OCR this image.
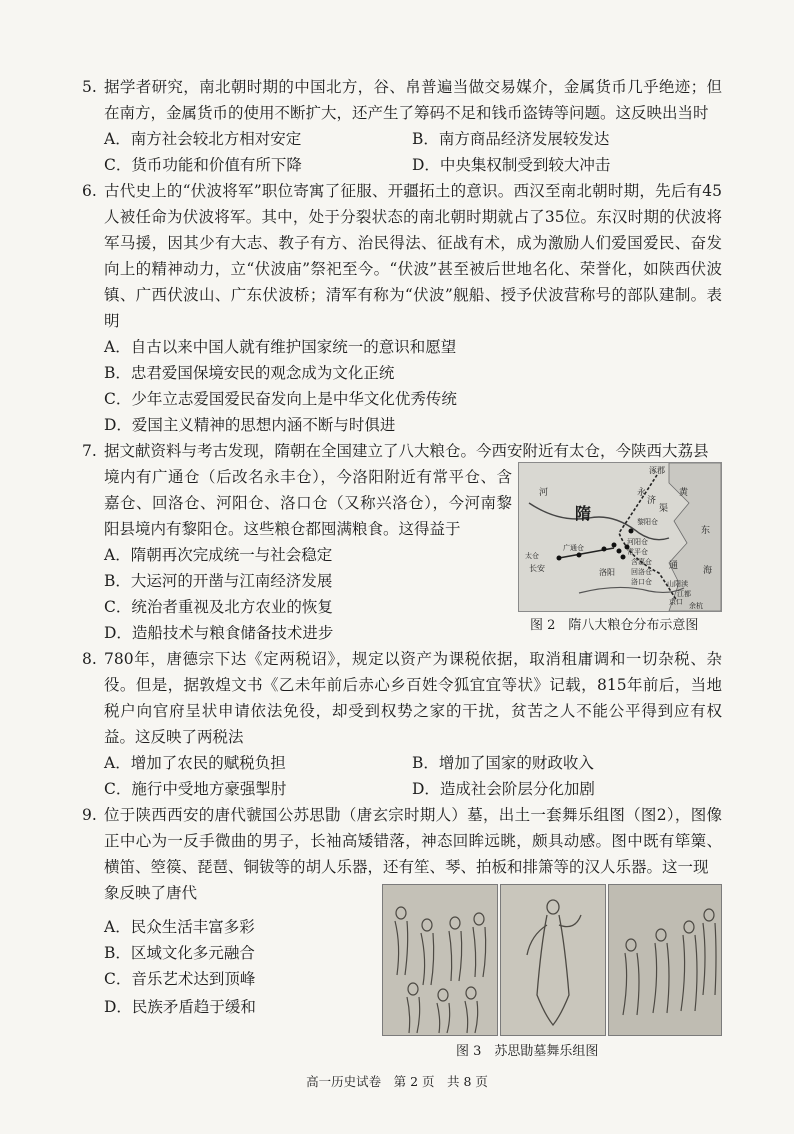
5. 据学者研究，南北朝时期的中国北方，谷、帛普遍当做交易媒介，金属货币几乎绝迹；但在南方，金属货币的使用不断扩大，还产生了筹码不足和钱币盗铸等问题。这反映出当时
A．南方社会较北方相对安定	B．南方商品经济发展较发达
C．货币功能和价值有所下降	D．中央集权制受到较大冲击
6. 古代史上的“伏波将军”职位寄寓了征服、开疆拓土的意识。西汉至南北朝时期，先后有45人被任命为伏波将军。其中，处于分裂状态的南北朝时期就占了35位。东汉时期的伏波将军马援，因其少有大志、教子有方、治民得法、征战有术，成为激励人们爱国爱民、奋发向上的精神动力，立“伏波庙”祭祀至今。“伏波”甚至被后世地名化、荣誉化，如陕西伏波镇、广西伏波山、广东伏波桥；清军有称为“伏波”舰船、授予伏波营称号的部队建制。表明
A．自古以来中国人就有维护国家统一的意识和愿望
B．忠君爱国保境安民的观念成为文化正统
C．少年立志爱国爱民奋发向上是中华文化优秀传统
D．爱国主义精神的思想内涵不断与时俱进
7. 据文献资料与考古发现，隋朝在全国建立了八大粮仓。今西安附近有太仓，今陕西大荔县
境内有广通仓（后改名永丰仓），今洛阳附近有常平仓、含嘉仓、回洛仓、河阳仓、洛口仓（又称兴洛仓），今河南黎阳县境内有黎阳仓。这些粮仓都囤满粮食。这得益于
A．隋朝再次完成统一与社会稳定
B．大运河的开凿与江南经济发展
C．统治者重视及北方农业的恢复
D．造船技术与粮食储备技术进步
隋
涿郡
永
济
渠
黄
河
通
东
海
太仓
广通仓
长安	洛阳
黎阳仓
河阳仓
常平仓
含嘉仓
回洛仓
洛口仓 山阳渎
江都
京口 余杭
图 2　隋八大粮仓分布示意图
8. 780年，唐德宗下达《定两税诏》，规定以资产为课税依据，取消租庸调和一切杂税、杂役。但是，据敦煌文书《乙未年前后赤心乡百姓令狐宜宜等状》记载，815年前后，当地税户向官府呈状申请依法免役，却受到权势之家的干扰，贫苦之人不能公平得到应有权益。这反映了两税法
A．增加了农民的赋税负担	B．增加了国家的财政收入
C．施行中受地方豪强掣肘	D．造成社会阶层分化加剧
9. 位于陕西西安的唐代虢国公苏思勖（唐玄宗时期人）墓，出土一套舞乐组图（图2），图像正中心为一反手微曲的男子，长袖高矮错落，神态回眸远眺，颇具动感。图中既有筚篥、横笛、箜篌、琵琶、铜钹等的胡人乐器，还有笙、琴、拍板和排箫等的汉人乐器。这一现
象反映了唐代
A．民众生活丰富多彩
B．区域文化多元融合
C．音乐艺术达到顶峰
D．民族矛盾趋于缓和
图 3　苏思勖墓舞乐组图
高一历史试卷　第 2 页　共 8 页
